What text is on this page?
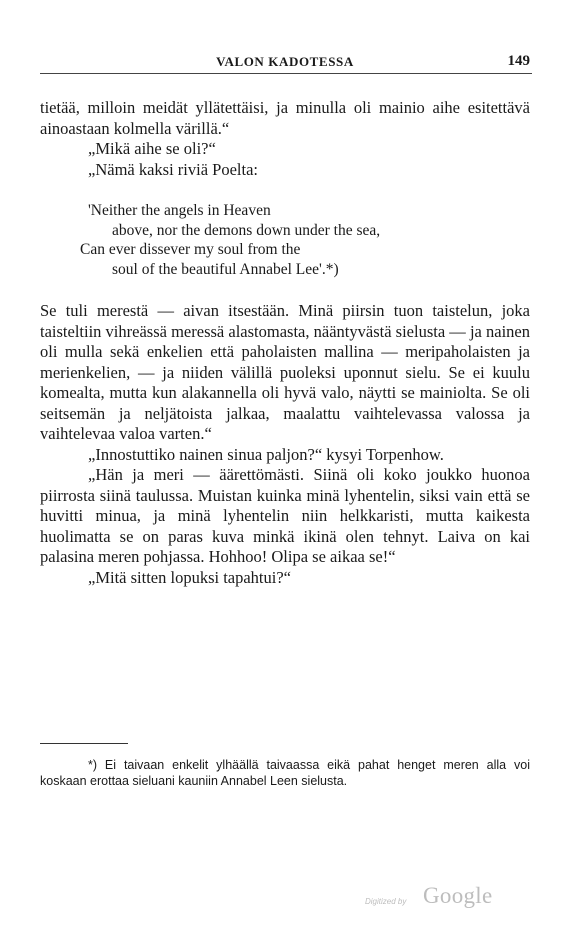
VALON KADOTESSA	149

tietää, milloin meidät yllätettäisi, ja minulla oli mainio aihe esitettävä ainoastaan kolmella värillä.“

„Mikä aihe se oli?“

„Nämä kaksi riviä Poelta:

'Neither the angels in Heaven
above, nor the demons down under the sea,
Can ever dissever my soul from the
soul of the beautiful Annabel Lee'.*)

Se tuli merestä — aivan itsestään. Minä piirsin tuon taistelun, joka taisteltiin vihreässä meressä alastomasta, nääntyvästä sielusta — ja nainen oli mulla sekä enkelien että paholaisten mallina — meripaholaisten ja merienkelien, — ja niiden välillä puoleksi uponnut sielu. Se ei kuulu komealta, mutta kun alakannella oli hyvä valo, näytti se mainiolta. Se oli seitsemän ja neljätoista jalkaa, maalattu vaihtelevassa valossa ja vaihtelevaa valoa varten.“

„Innostuttiko nainen sinua paljon?“ kysyi Torpenhow.

„Hän ja meri — äärettömästi. Siinä oli koko joukko huonoa piirrosta siinä taulussa. Muistan kuinka minä lyhentelin, siksi vain että se huvitti minua, ja minä lyhentelin niin helkkaristi, mutta kaikesta huolimatta se on paras kuva minkä ikinä olen tehnyt. Laiva on kai palasina meren pohjassa. Hohhoo! Olipa se aikaa se!“

„Mitä sitten lopuksi tapahtui?“

*) Ei taivaan enkelit ylhäällä taivaassa eikä pahat henget meren alla voi koskaan erottaa sieluani kauniin Annabel Leen sielusta.
Digitized by Google
